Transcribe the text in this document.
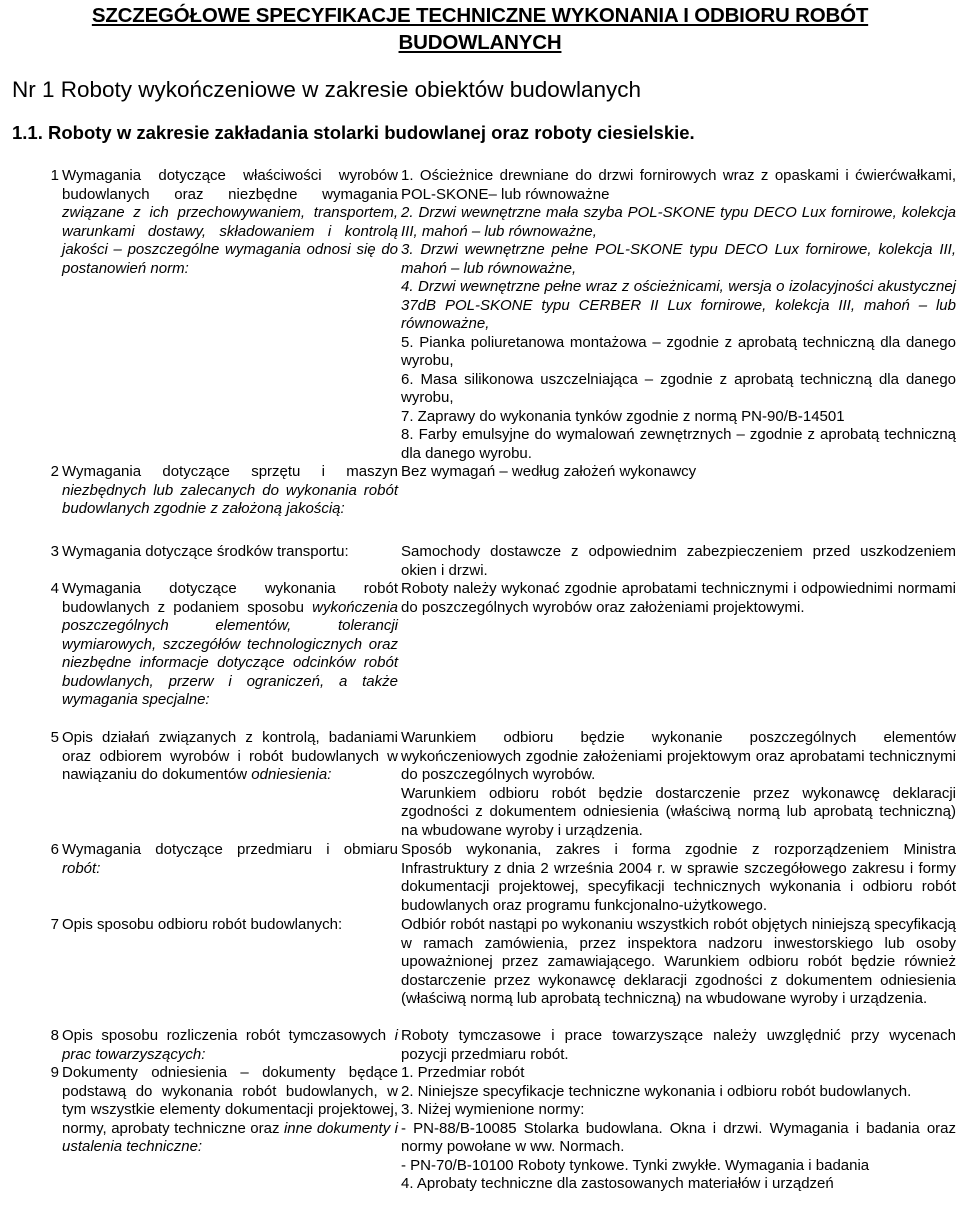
SZCZEGÓŁOWE SPECYFIKACJE TECHNICZNE WYKONANIA I ODBIORU ROBÓT
BUDOWLANYCH
Nr 1 Roboty wykończeniowe w zakresie obiektów budowlanych
1.1. Roboty w zakresie zakładania stolarki budowlanej oraz roboty ciesielskie.
1 Wymagania dotyczące właściwości wyrobów budowlanych oraz niezbędne wymagania związane z ich przechowywaniem, transportem, warunkami dostawy, składowaniem i kontrolą jakości – poszczególne wymagania odnosi się do postanowień norm:

1. Ościeżnice drewniane do drzwi fornirowych wraz z opaskami i ćwierćwałkami, POL-SKONE– lub równoważne

2. Drzwi wewnętrzne mała szyba POL-SKONE typu DECO Lux fornirowe, kolekcja III, mahoń – lub równoważne,

3. Drzwi wewnętrzne pełne POL-SKONE typu DECO Lux fornirowe, kolekcja III, mahoń – lub równoważne,

4. Drzwi wewnętrzne pełne wraz z ościeżnicami, wersja o izolacyjności akustycznej 37dB POL-SKONE typu CERBER II Lux fornirowe, kolekcja III, mahoń – lub równoważne,

5. Pianka poliuretanowa montażowa – zgodnie z aprobatą techniczną dla danego wyrobu,

6. Masa silikonowa uszczelniająca – zgodnie z aprobatą techniczną dla danego wyrobu,

7. Zaprawy do wykonania tynków zgodnie z normą PN-90/B-14501

8. Farby emulsyjne do wymalowań zewnętrznych – zgodnie z aprobatą techniczną dla danego wyrobu.

2 Wymagania dotyczące sprzętu i maszyn niezbędnych lub zalecanych do wykonania robót budowlanych zgodnie z założoną jakością:

Bez wymagań – według założeń wykonawcy

3 Wymagania dotyczące środków transportu:	Samochody dostawcze z odpowiednim zabezpieczeniem przed uszkodzeniem okien i drzwi.

4 Wymagania dotyczące wykonania robót budowlanych z podaniem sposobu wykończenia poszczególnych elementów, tolerancji wymiarowych, szczegółów technologicznych oraz niezbędne informacje dotyczące odcinków robót budowlanych, przerw i ograniczeń, a także wymagania specjalne:

Roboty należy wykonać zgodnie aprobatami technicznymi i odpowiednimi normami do poszczególnych wyrobów oraz założeniami projektowymi.

5 Opis działań związanych z kontrolą, badaniami oraz odbiorem wyrobów i robót budowlanych w nawiązaniu do dokumentów odniesienia:

Warunkiem odbioru będzie wykonanie poszczególnych elementów wykończeniowych zgodnie założeniami projektowym oraz aprobatami technicznymi do poszczególnych wyrobów.

Warunkiem odbioru robót będzie dostarczenie przez wykonawcę deklaracji zgodności z dokumentem odniesienia (właściwą normą lub aprobatą techniczną) na wbudowane wyroby i urządzenia.

6 Wymagania dotyczące przedmiaru i obmiaru robót:

Sposób wykonania, zakres i forma zgodnie z rozporządzeniem Ministra Infrastruktury z dnia 2 września 2004 r. w sprawie szczegółowego zakresu i formy dokumentacji projektowej, specyfikacji technicznych wykonania i odbioru robót budowlanych oraz programu funkcjonalno-użytkowego.

7 Opis sposobu odbioru robót budowlanych:	Odbiór robót nastąpi po wykonaniu wszystkich robót objętych niniejszą specyfikacją w ramach zamówienia, przez inspektora nadzoru inwestorskiego lub osoby upoważnionej przez zamawiającego. Warunkiem odbioru robót będzie również dostarczenie przez wykonawcę deklaracji zgodności z dokumentem odniesienia (właściwą normą lub aprobatą techniczną) na wbudowane wyroby i urządzenia.

8 Opis sposobu rozliczenia robót tymczasowych i prac towarzyszących:

Roboty tymczasowe i prace towarzyszące należy uwzględnić przy wycenach pozycji przedmiaru robót.

9 Dokumenty odniesienia – dokumenty będące podstawą do wykonania robót budowlanych, w tym wszystkie elementy dokumentacji projektowej, normy, aprobaty techniczne oraz inne dokumenty i ustalenia techniczne:

1. Przedmiar robót

2. Niniejsze specyfikacje techniczne wykonania i odbioru robót budowlanych.

3. Niżej wymienione normy:

- PN-88/B-10085 Stolarka budowlana. Okna i drzwi. Wymagania i badania oraz normy powołane w ww. Normach.

- PN-70/B-10100 Roboty tynkowe. Tynki zwykłe. Wymagania i badania

4. Aprobaty techniczne dla zastosowanych materiałów i urządzeń
